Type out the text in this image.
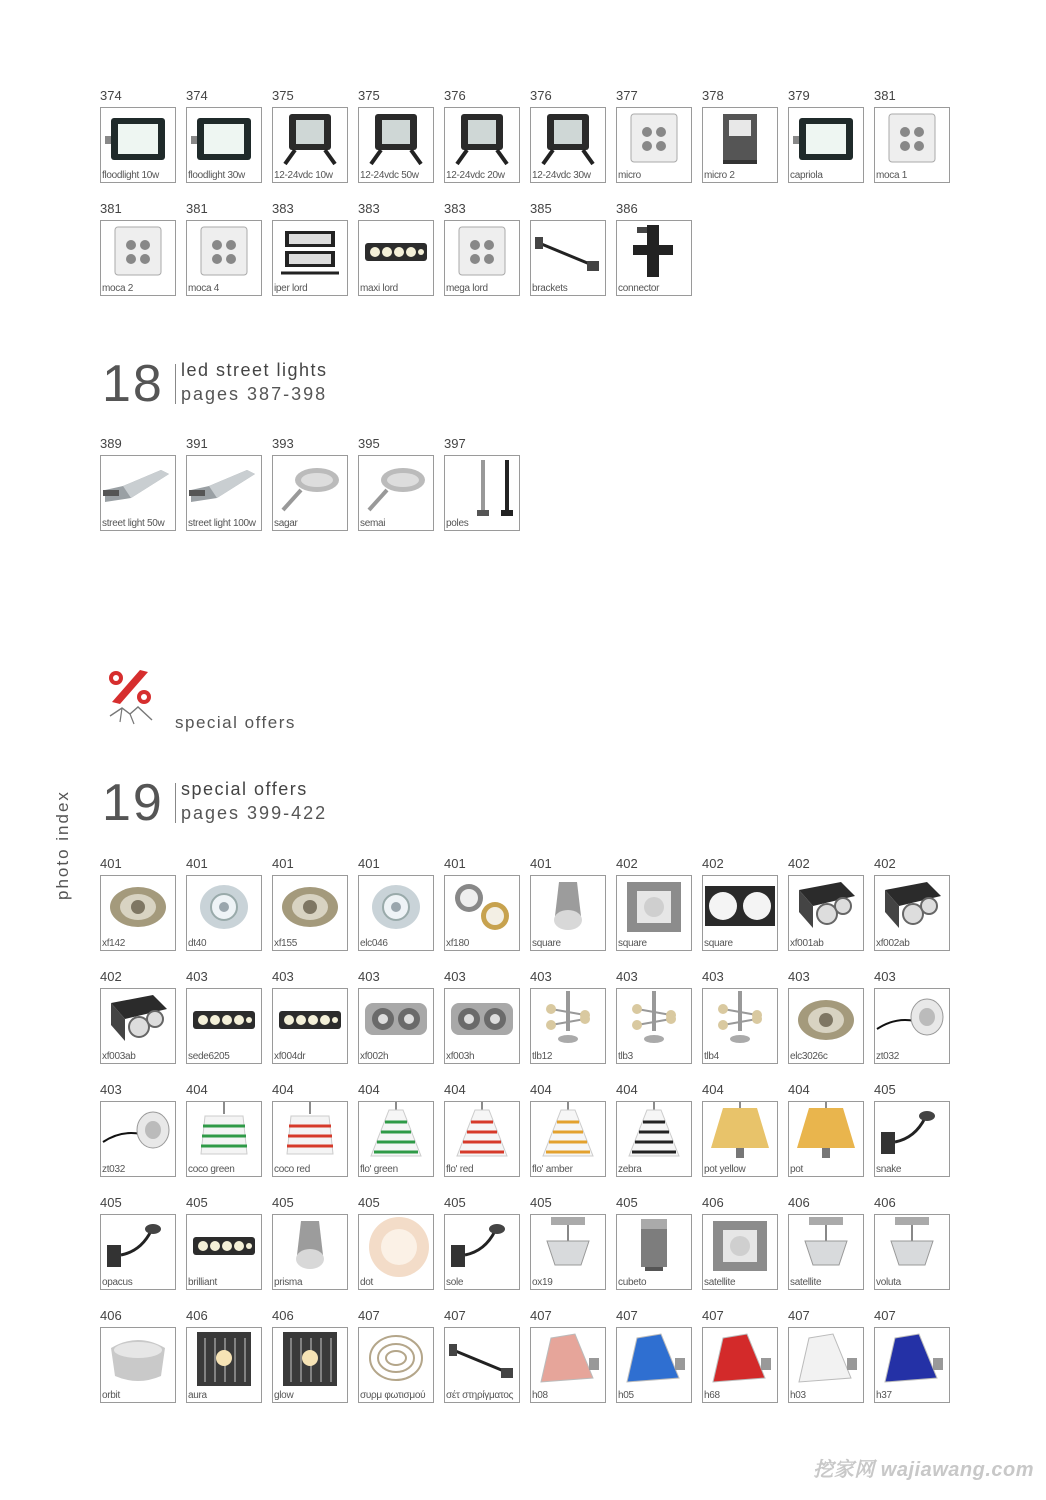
photo index
374
floodlight 10w
374
floodlight 30w
375
12-24vdc 10w
375
12-24vdc 50w
376
12-24vdc 20w
376
12-24vdc 30w
377
micro
378
micro 2
379
capriola
381
moca 1
381
moca 2
381
moca 4
383
iper lord
383
maxi lord
383
mega lord
385
brackets
386
connector
18 led street lights
pages 387-398
389
street light 50w
391
street light 100w
393
sagar
395
semai
397
poles
special offers
19 special offers
pages 399-422
401
xf142
401
dt40
401
xf155
401
elc046
401
xf180
401
square
402
square
402
square
402
xf001ab
402
xf002ab
402
xf003ab
403
sede6205
403
xf004dr
403
xf002h
403
xf003h
403
tlb12
403
tlb3
403
tlb4
403
elc3026c
403
zt032
403
zt032
404
coco green
404
coco red
404
flo' green
404
flo' red
404
flo' amber
404
zebra
404
pot yellow
404
pot
405
snake
405
opacus
405
brilliant
405
prisma
405
dot
405
sole
405
ox19
405
cubeto
406
satellite
406
satellite
406
voluta
406
orbit
406
aura
406
glow
407
συρμ φωτισμού
407
σέτ στηρίγματος
407
h08
407
h05
407
h68
407
h03
407
h37
挖家网 wajiawang.com
